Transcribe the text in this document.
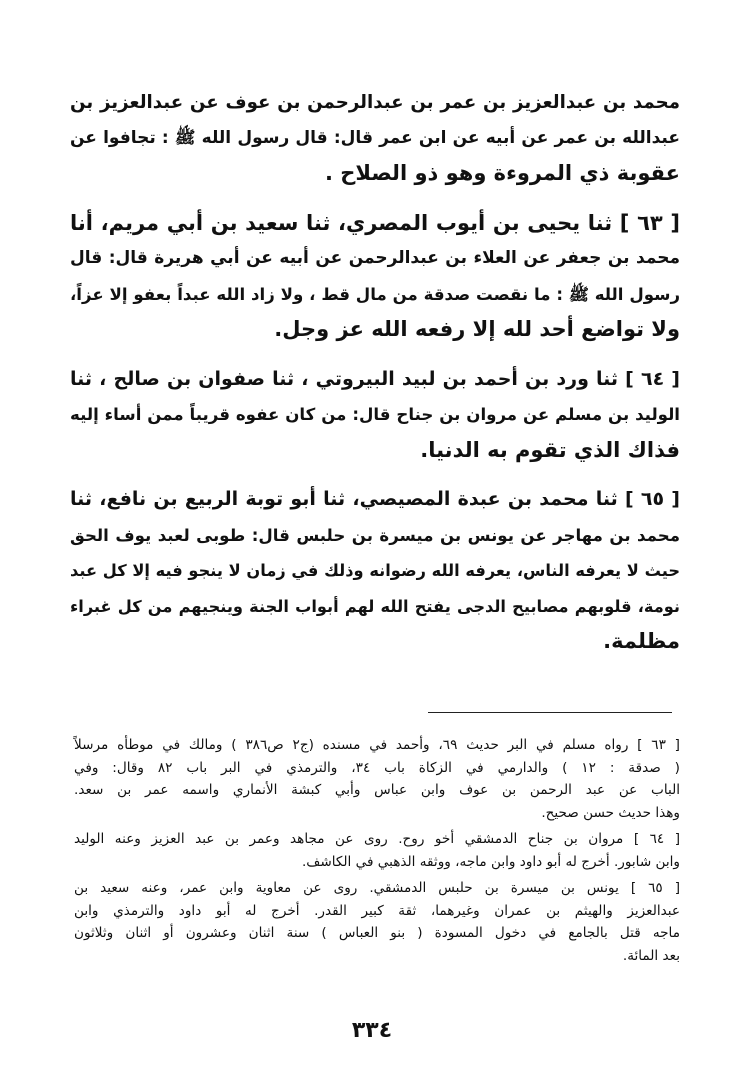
محمد بن عبدالعزيز بن عمر بن عبدالرحمن بن عوف عن عبدالعزيز بن
عبدالله بن عمر عن أبيه عن ابن عمر قال: قال رسول الله ﷺ : تجافوا عن
عقوبة ذي المروءة وهو ذو الصلاح .
[ ٦٣ ] ثنا يحيى بن أيوب المصري، ثنا سعيد بن أبي مريم، أنا
محمد بن جعفر عن العلاء بن عبدالرحمن عن أبيه عن أبي هريرة قال: قال
رسول الله ﷺ : ما نقصت صدقة من مال قط ، ولا زاد الله عبداً بعفو إلا عزاً،
ولا تواضع أحد لله إلا رفعه الله عز وجل.
[ ٦٤ ] ثنا ورد بن أحمد بن لبيد البيروتي ، ثنا صفوان بن صالح ، ثنا
الوليد بن مسلم عن مروان بن جناح قال: من كان عفوه قريباً ممن أساء إليه
فذاك الذي تقوم به الدنيا.
[ ٦٥ ] ثنا محمد بن عبدة المصيصي، ثنا أبو توبة الربيع بن نافع، ثنا
محمد بن مهاجر عن يونس بن ميسرة بن حلبس قال: طوبى لعبد يوف الحق
حيث لا يعرفه الناس، يعرفه الله رضوانه وذلك في زمان لا ينجو فيه إلا كل عبد
نومة، قلوبهم مصابيح الدجى يفتح الله لهم أبواب الجنة وينجيهم من كل غبراء
مظلمة.
[ ٦٣ ] رواه مسلم في البر حديث ٦٩، وأحمد في مسنده (ج٢ ص٣٨٦ ) ومالك في موطأه مرسلاً
( صدقة : ١٢ ) والدارمي في الزكاة باب ٣٤، والترمذي في البر باب ٨٢ وقال: وفي
الباب عن عبد الرحمن بن عوف وابن عباس وأبي كبشة الأنماري واسمه عمر بن سعد.
وهذا حديث حسن صحيح.
[ ٦٤ ] مروان بن جناح الدمشقي أخو روح. روى عن مجاهد وعمر بن عبد العزيز وعنه الوليد
وابن شابور. أخرج له أبو داود وابن ماجه، ووثقه الذهبي في الكاشف.
[ ٦٥ ] يونس بن ميسرة بن حلبس الدمشقي. روى عن معاوية وابن عمر، وعنه سعيد بن
عبدالعزيز والهيثم بن عمران وغيرهما، ثقة كبير القدر. أخرج له أبو داود والترمذي وابن
ماجه قتل بالجامع في دخول المسودة ( بنو العباس ) سنة اثنان وعشرون أو اثنان وثلاثون
بعد المائة.
٣٣٤
